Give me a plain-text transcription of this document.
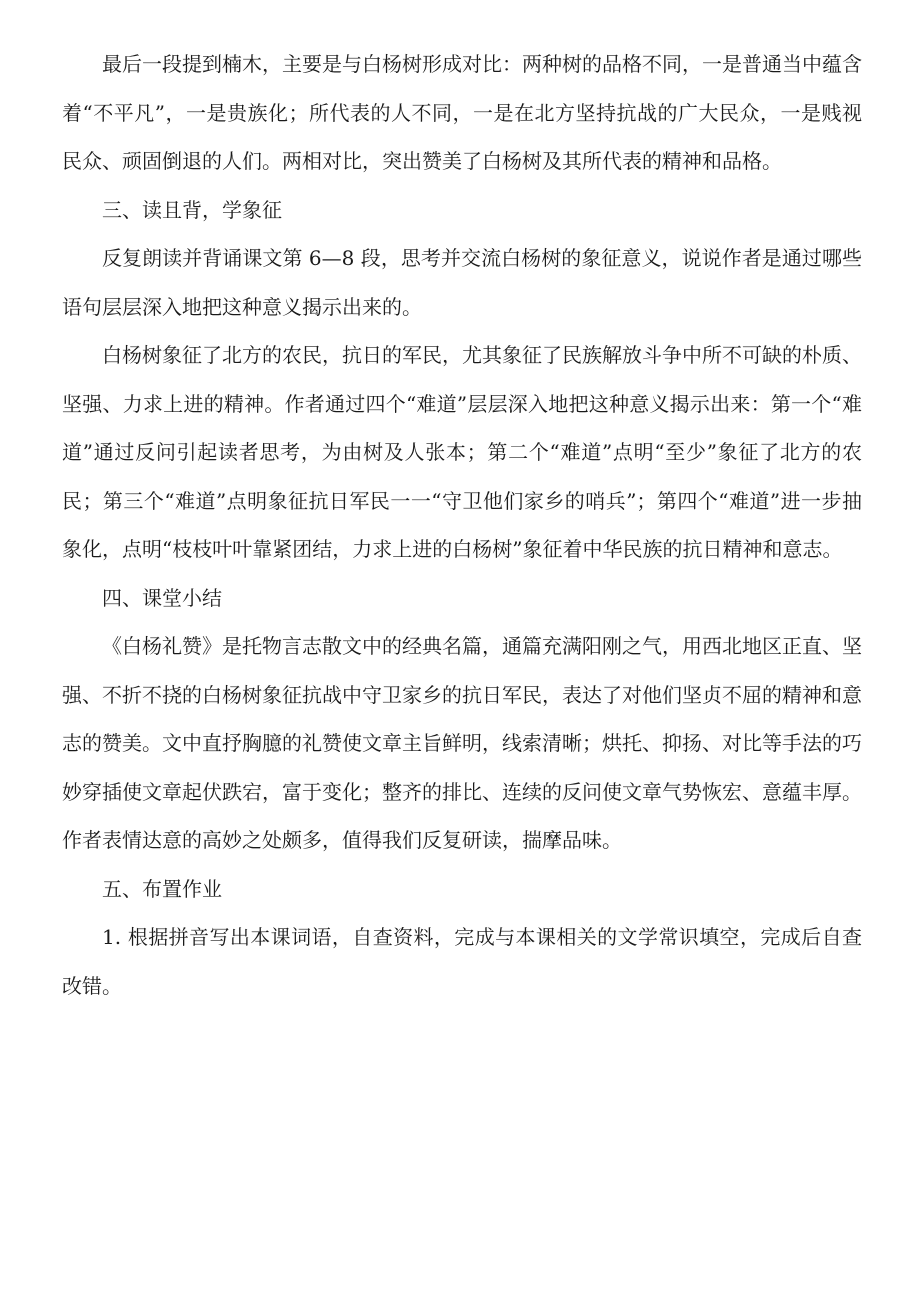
最后一段提到楠木，主要是与白杨树形成对比：两种树的品格不同，一是普通当中蕴含着“不平凡”，一是贵族化；所代表的人不同，一是在北方坚持抗战的广大民众，一是贱视民众、顽固倒退的人们。两相对比，突出赞美了白杨树及其所代表的精神和品格。

三、读且背，学象征

反复朗读并背诵课文第 6—8 段，思考并交流白杨树的象征意义，说说作者是通过哪些语句层层深入地把这种意义揭示出来的。

白杨树象征了北方的农民，抗日的军民，尤其象征了民族解放斗争中所不可缺的朴质、坚强、力求上进的精神。作者通过四个“难道”层层深入地把这种意义揭示出来：第一个“难道”通过反问引起读者思考，为由树及人张本；第二个“难道”点明“至少”象征了北方的农民；第三个“难道”点明象征抗日军民一一“守卫他们家乡的哨兵”；第四个“难道”进一步抽象化，点明“枝枝叶叶靠紧团结，力求上进的白杨树”象征着中华民族的抗日精神和意志。

四、课堂小结

《白杨礼赞》是托物言志散文中的经典名篇，通篇充满阳刚之气，用西北地区正直、坚强、不折不挠的白杨树象征抗战中守卫家乡的抗日军民，表达了对他们坚贞不屈的精神和意志的赞美。文中直抒胸臆的礼赞使文章主旨鲜明，线索清晰；烘托、抑扬、对比等手法的巧妙穿插使文章起伏跌宕，富于变化；整齐的排比、连续的反问使文章气势恢宏、意蕴丰厚。作者表情达意的高妙之处颇多，值得我们反复研读，揣摩品味。

五、布置作业

1. 根据拼音写出本课词语，自查资料，完成与本课相关的文学常识填空，完成后自查改错。
